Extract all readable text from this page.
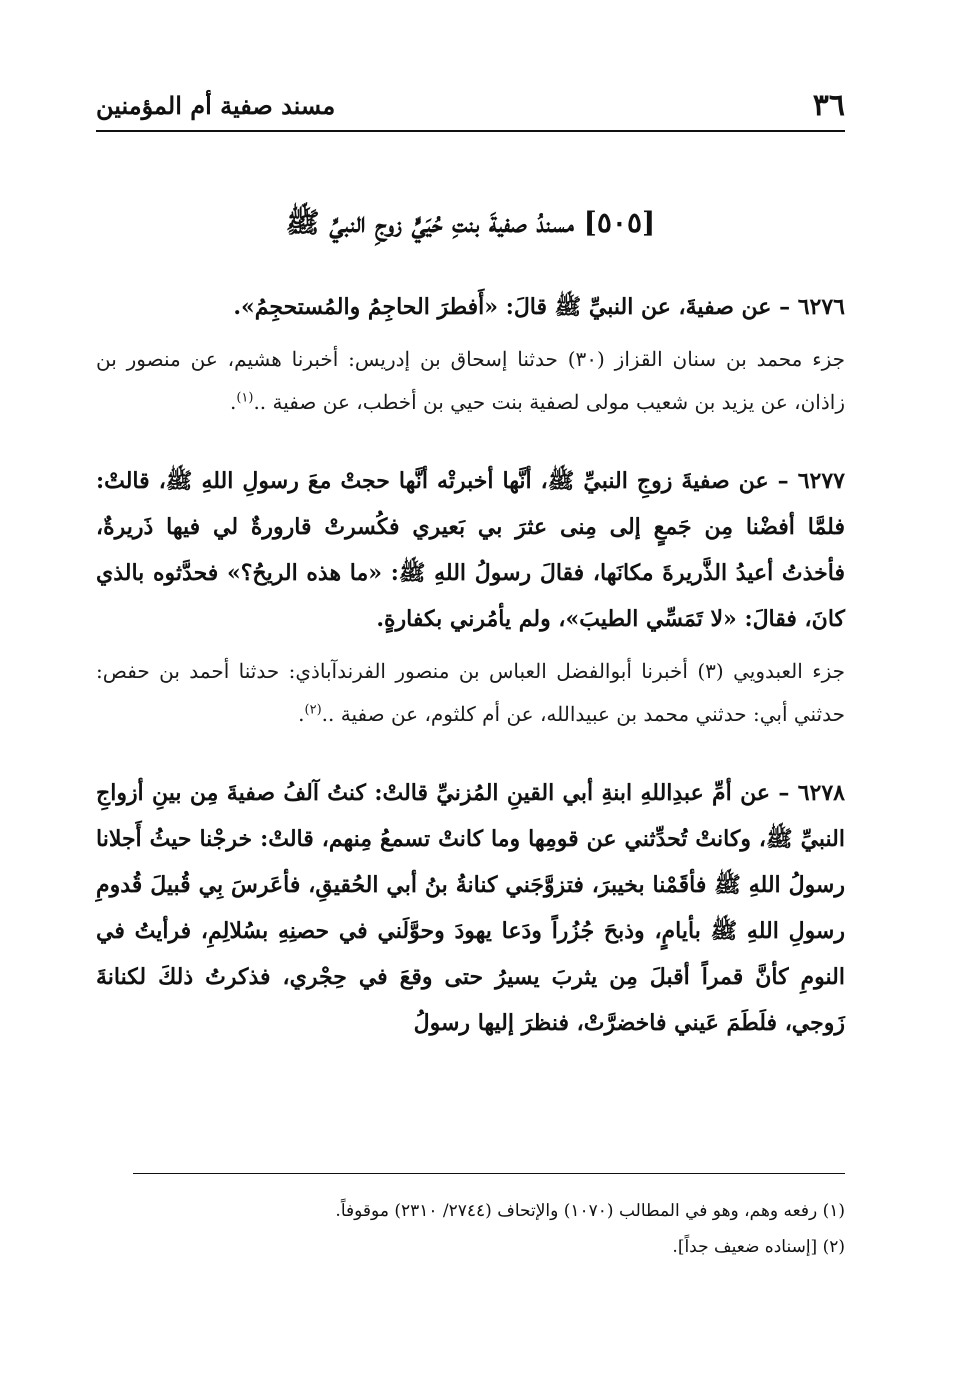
٣٦
مسند صفية أم المؤمنين
[٥٠٥] مسندُ صفيةَ بنتِ حُيَيٍّ زوجِ النبيِّ ﷺ

٦٢٧٦ – عن صفيةَ، عن النبيِّ ﷺ قالَ: «أَفطرَ الحاجِمُ والمُستحجِمُ».

جزء محمد بن سنان القزاز (٣٠) حدثنا إسحاق بن إدريس: أخبرنا هشيم، عن منصور بن زاذان، عن يزيد بن شعيب مولى لصفية بنت حيي بن أخطب، عن صفية ..$^{(١)}$.

٦٢٧٧ – عن صفيةَ زوجِ النبيِّ ﷺ، أنَّها أخبرتْه أنَّها حجتْ معَ رسولِ اللهِ ﷺ، قالتْ: فلمَّا أفضْنا مِن جَمعٍ إلى مِنى عثرَ بي بَعيري فكُسرتْ قارورةٌ لي فيها ذَريرةٌ، فأخذتُ أعيدُ الذَّريرةَ مكانَها، فقالَ رسولُ اللهِ ﷺ: «ما هذه الريحُ؟» فحدَّثوه بالذي كانَ، فقالَ: «لا تَمَسِّي الطيبَ»، ولم يأمُرني بكفارةٍ.

جزء العبدويي (٣) أخبرنا أبوالفضل العباس بن منصور الفرندآباذي: حدثنا أحمد بن حفص: حدثني أبي: حدثني محمد بن عبيدالله، عن أم كلثوم، عن صفية ..$^{(٢)}$.

٦٢٧٨ – عن أمِّ عبدِاللهِ ابنةِ أبي القينِ المُزنيِّ قالتْ: كنتُ آلفُ صفيةَ مِن بينِ أزواجِ النبيِّ ﷺ، وكانتْ تُحدِّثني عن قومِها وما كانتْ تسمعُ مِنهم، قالتْ: خرجْنا حيثُ أَجلانا رسولُ اللهِ ﷺ فأقَمْنا بخيبرَ، فتزوَّجَني كنانةُ بنُ أبي الحُقيقِ، فأعَرسَ بِي قُبيلَ قُدومِ رسولِ اللهِ ﷺ بأيامٍ، وذبحَ جُزُراً ودَعا يهودَ وحوَّلَني في حصنِهِ بسُلالِمِ، فرأيتُ في النومِ كأنَّ قمراً أقبلَ مِن يثربَ يسيرُ حتى وقعَ في حِجْري، فذكرتُ ذلكَ لكنانةَ زَوجي، فلَطَمَ عَيني فاخضرَّتْ، فنظرَ إليها رسولُ

(١) رفعه وهم، وهو في المطالب (١٠٧٠) والإتحاف (٢٧٤٤/ ٢٣١٠) موقوفاً.

(٢) [إسناده ضعيف جداً].
